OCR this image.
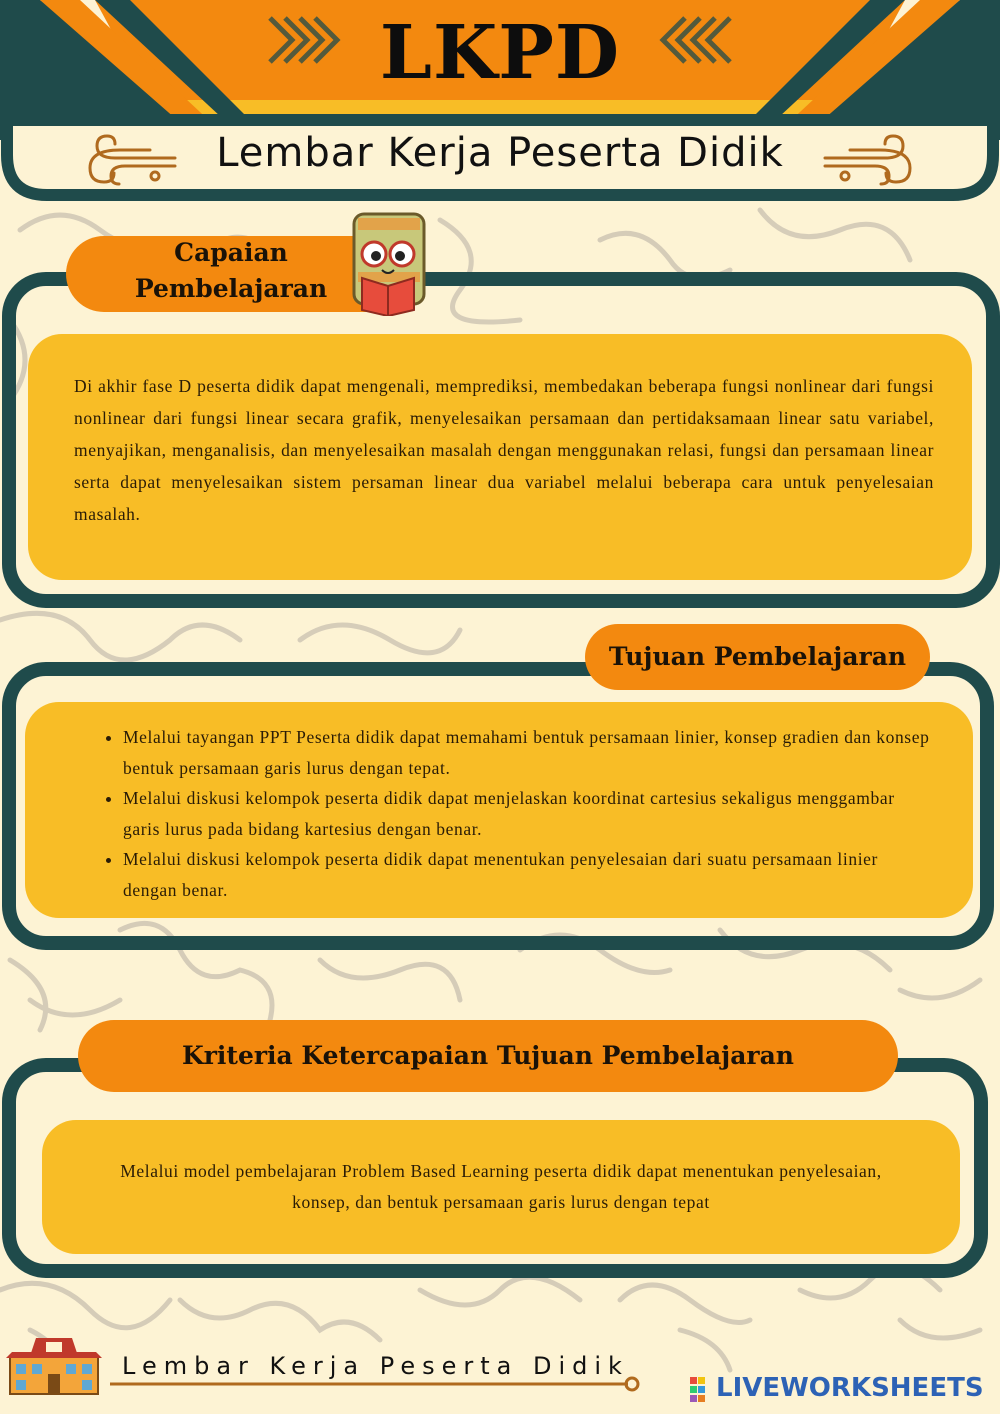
LKPD
Lembar Kerja Peserta Didik
Capaian
Pembelajaran
Di akhir fase D peserta didik dapat mengenali, memprediksi, membedakan beberapa fungsi nonlinear dari fungsi nonlinear dari fungsi linear secara grafik, menyelesaikan persamaan dan pertidaksamaan linear satu variabel, menyajikan, menganalisis, dan menyelesaikan masalah dengan menggunakan relasi, fungsi dan persamaan linear serta dapat menyelesaikan sistem persaman linear dua variabel melalui beberapa cara untuk penyelesaian masalah.
Tujuan Pembelajaran
• Melalui tayangan PPT Peserta didik dapat memahami bentuk persamaan linier, konsep gradien dan konsep bentuk persamaan garis lurus dengan tepat.
• Melalui diskusi kelompok peserta didik dapat menjelaskan koordinat cartesius sekaligus menggambar garis lurus pada bidang kartesius dengan benar.
• Melalui diskusi kelompok peserta didik dapat menentukan penyelesaian dari suatu persamaan linier dengan benar.
Kriteria Ketercapaian Tujuan Pembelajaran
Melalui model pembelajaran Problem Based Learning peserta didik dapat menentukan penyelesaian, konsep, dan bentuk persamaan garis lurus dengan tepat
Lembar Kerja Peserta Didik
LIVEWORKSHEETS
